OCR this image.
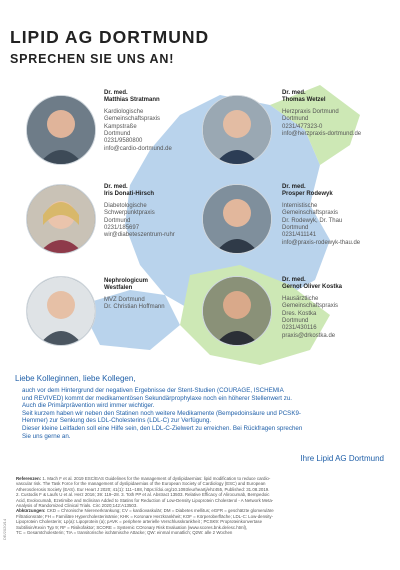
LIPID AG DORTMUND
SPRECHEN SIE UNS AN!
Dr. med.
Matthias Stratmann
Kardiologische
Gemeinschaftspraxis
Kampstraße
Dortmund
0231/9580800
info@cardio-dortmund.de
Dr. med.
Thomas Wetzel
Herzpraxis Dortmund
Dortmund
0231/477323-0
info@herzpraxis-dortmund.de
Dr. med.
Iris Donati-Hirsch
Diabetologische
Schwerpunktpraxis
Dortmund
0231/185697
wir@diabeteszentrum-ruhr
Dr. med.
Prosper Rodewyk
Internistische
Gemeinschaftspraxis
Dr. Rodewyk, Dr. Thau
Dortmund
0231/411141
info@praxis-rodewyk-thau.de
Nephrologicum Westfalen
MVZ Dortmund
Dr. Christian Hoffmann
Dr. med.
Gernot Oliver Kostka
Hausärztliche
Gemeinschaftspraxis
Dres. Kostka
Dortmund
0231/430116
praxis@drkostka.de

Liebe Kolleginnen, liebe Kollegen,

auch vor dem Hintergrund der negativen Ergebnisse der Stent-Studien (COURAGE, ISCHEMIA
und REVIVED) kommt der medikamentösen Sekundärprophylaxe noch ein höherer Stellenwert zu.
Auch die Primärprävention wird immer wichtiger.
Seit kurzem haben wir neben den Statinen noch weitere Medikamente (Bempedoinsäure und PCSK9-
Hemmer) zur Senkung des LDL-Cholesterins (LDL-C) zur Verfügung.
Dieser kleine Leitfaden soll eine Hilfe sein, den LDL-C-Zielwert zu erreichen. Bei Rückfragen sprechen
Sie uns gerne an.
Ihre Lipid AG Dortmund
Referenzen: 1. Mach F et al. 2019 ESC/EAS Guidelines for the management of dyslipidaemias: lipid modification to reduce cardio-
vascular risk. The Task Force for the management of dyslipidaemias of the European Society of Cardiology (ESC) and European
Atherosclerosis Society (EAS). Eur Heart J 2020; 41(1): 111–188, https://doi.org/10.1093/eurheartj/ehz455, Published: 31.08.2019.
2. Custodis F & Laufs U et al. Herz 2016; 39: 119–28. 3. Toth PP et al. Abstract 13503. Relative Efficacy of Alirocumab, Bempedoic
Acid, Evolocumab, Ezetimibe and Inclisiran Added to Statins for Reduction of Low-Density Lipoprotein Cholesterol - A Network Meta-
Analysis of Randomized Clinical Trials. Circ 2020;142:A13503.
Abkürzungen: CKD = Chronische Nierenerkrankung; CV = kardiovaskulär; DM = Diabetes mellitus; eGFR = geschätzte glomeruläre
Filtrationsrate; FH = Familiäre Hypercholesterinämie; KHK = Koronare Herzkrankheit; KOF = Körperoberfläche; LDL-C: Low-density-
Lipoprotein Cholesterin; Lp(a): Lipoprotein (a); pAVK = periphere arterielle Verschlusskrankheit ; PCSK9: Proproteinkonvertase
Subtilisin/Kexin Typ 9; RF = Risikofaktor; SCORE = Systemic COronary Risk Evaluation (www.scores.bnk.de/esc.html),
TC = Gesamtcholesterin; TIA = transitorische ischämische Attacke; QW: einmal monatlich; Q2W: alle 2 Wochen
DE/2020/14
